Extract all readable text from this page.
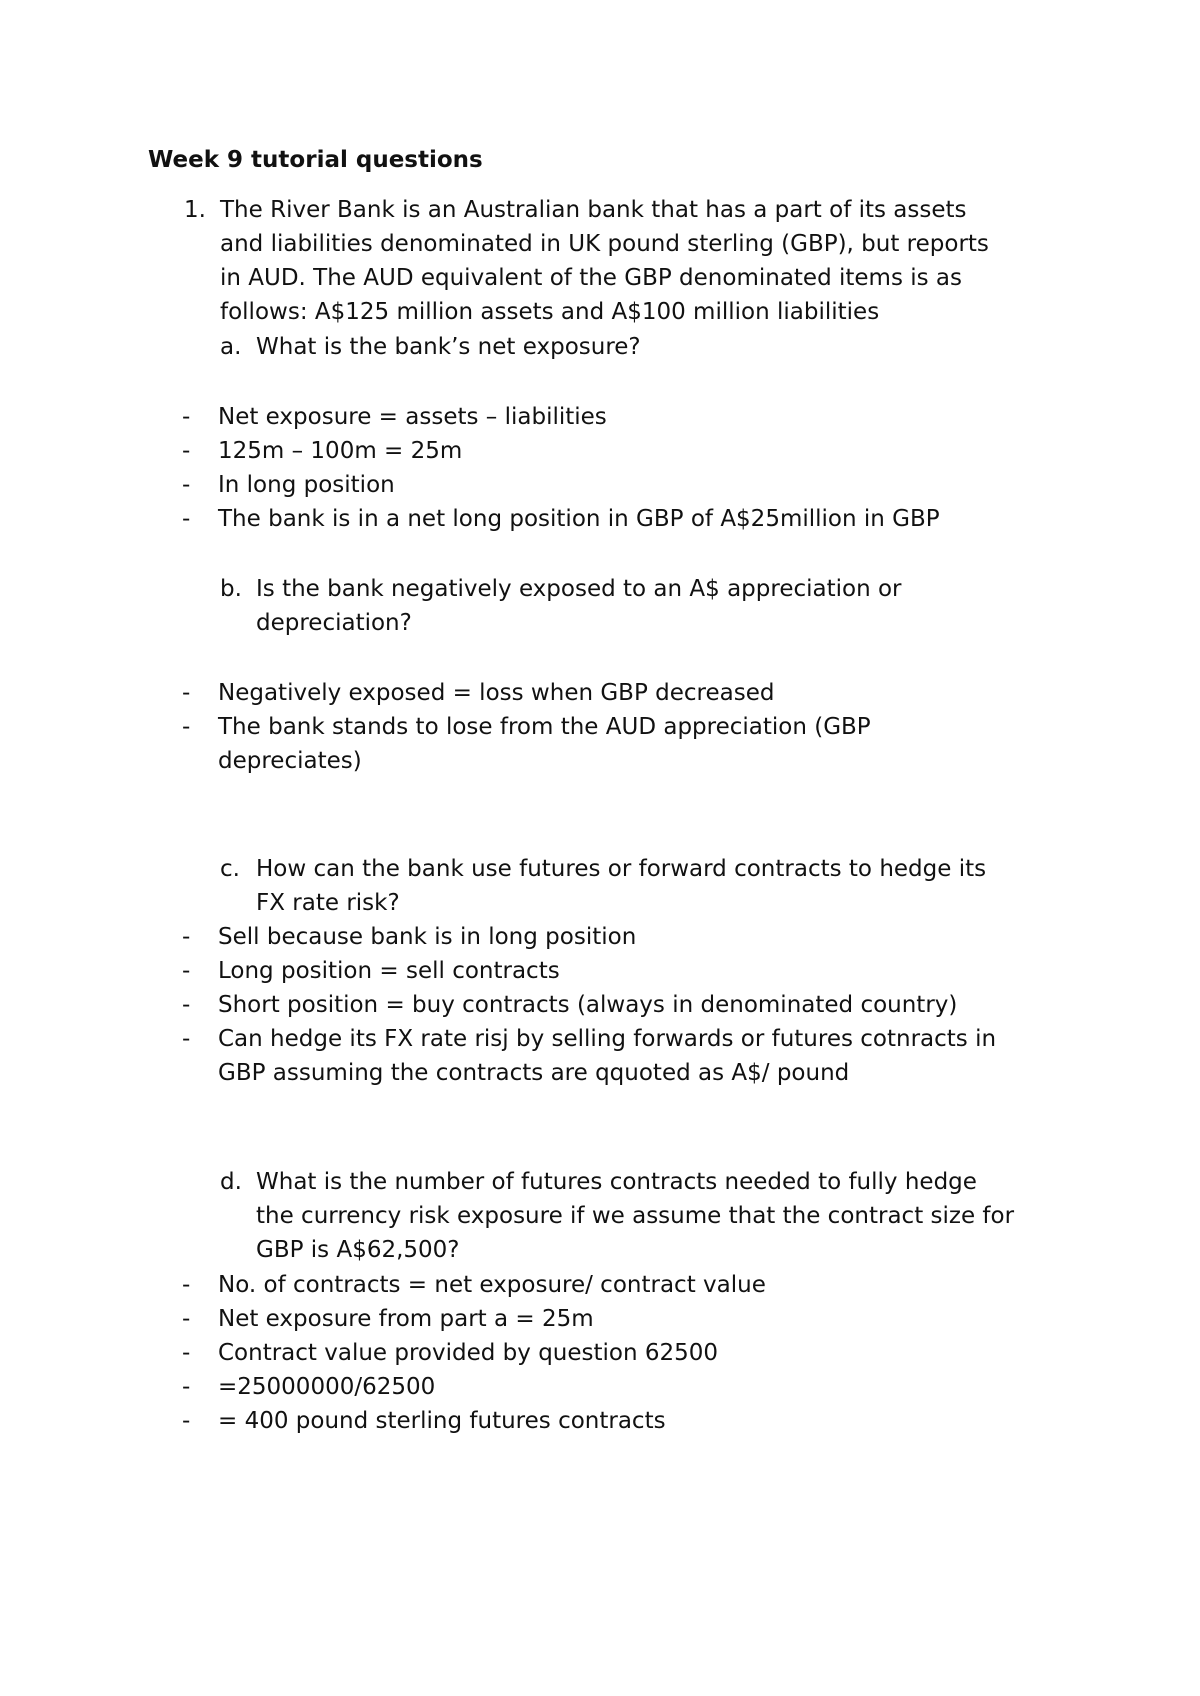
Week 9 tutorial questions
1. The River Bank is an Australian bank that has a part of its assets
and liabilities denominated in UK pound sterling (GBP), but reports
in AUD. The AUD equivalent of the GBP denominated items is as
follows: A$125 million assets and A$100 million liabilities
a. What is the bank’s net exposure?
- Net exposure = assets – liabilities
- 125m – 100m = 25m
- In long position
- The bank is in a net long position in GBP of A$25million in GBP
b. Is the bank negatively exposed to an A$ appreciation or
depreciation?
- Negatively exposed = loss when GBP decreased
- The bank stands to lose from the AUD appreciation (GBP
depreciates)
c. How can the bank use futures or forward contracts to hedge its
FX rate risk?
- Sell because bank is in long position
- Long position = sell contracts
- Short position = buy contracts (always in denominated country)
- Can hedge its FX rate risj by selling forwards or futures cotnracts in
GBP assuming the contracts are qquoted as A$/ pound
d. What is the number of futures contracts needed to fully hedge
the currency risk exposure if we assume that the contract size for
GBP is A$62,500?
- No. of contracts = net exposure/ contract value
- Net exposure from part a = 25m
- Contract value provided by question 62500
- =25000000/62500
- = 400 pound sterling futures contracts
